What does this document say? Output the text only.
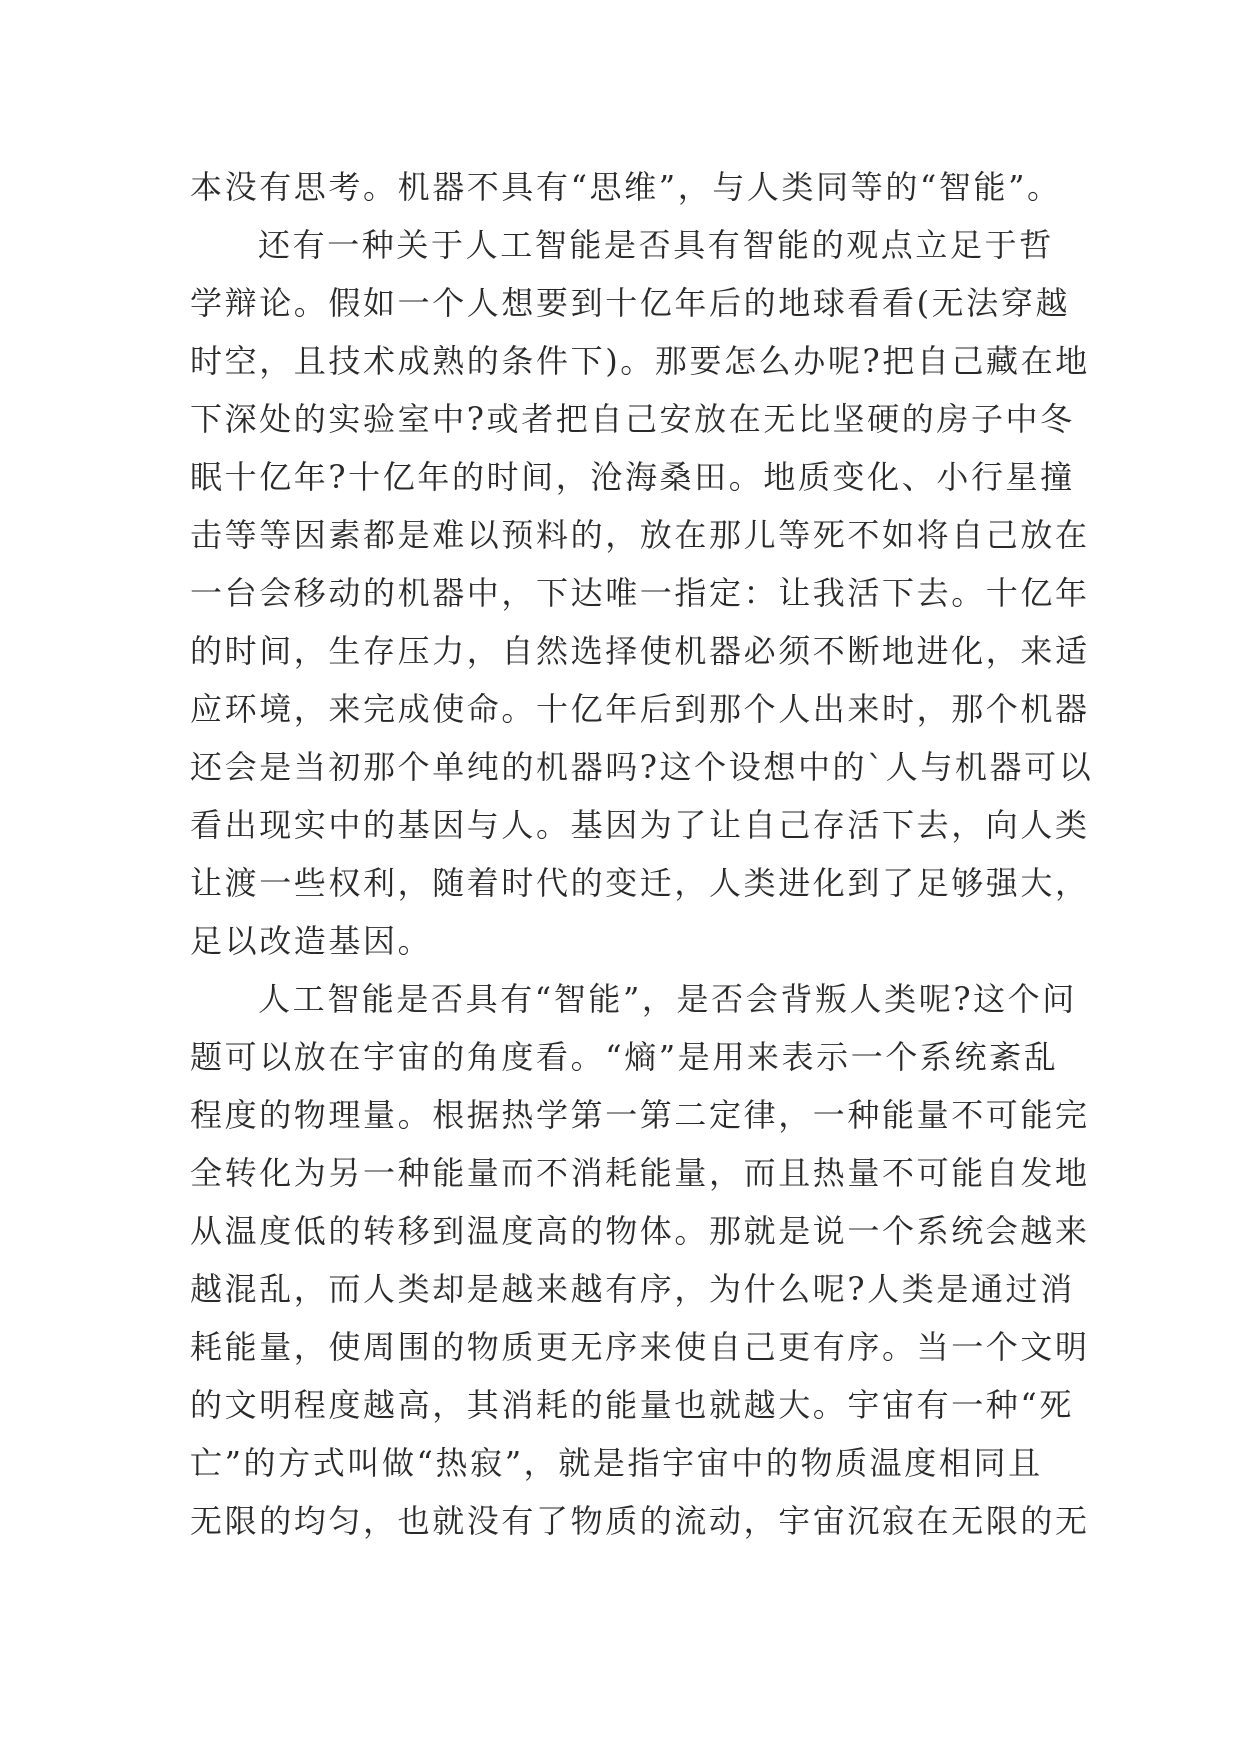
本没有思考。机器不具有“思维”，与人类同等的“智能”。
还有一种关于人工智能是否具有智能的观点立足于哲
学辩论。假如一个人想要到十亿年后的地球看看(无法穿越
时空，且技术成熟的条件下)。那要怎么办呢?把自己藏在地
下深处的实验室中?或者把自己安放在无比坚硬的房子中冬
眠十亿年?十亿年的时间，沧海桑田。地质变化、小行星撞
击等等因素都是难以预料的，放在那儿等死不如将自己放在
一台会移动的机器中，下达唯一指定：让我活下去。十亿年
的时间，生存压力，自然选择使机器必须不断地进化，来适
应环境，来完成使命。十亿年后到那个人出来时，那个机器
还会是当初那个单纯的机器吗?这个设想中的`人与机器可以
看出现实中的基因与人。基因为了让自己存活下去，向人类
让渡一些权利，随着时代的变迁，人类进化到了足够强大，
足以改造基因。
人工智能是否具有“智能”，是否会背叛人类呢?这个问
题可以放在宇宙的角度看。“熵”是用来表示一个系统紊乱
程度的物理量。根据热学第一第二定律，一种能量不可能完
全转化为另一种能量而不消耗能量，而且热量不可能自发地
从温度低的转移到温度高的物体。那就是说一个系统会越来
越混乱，而人类却是越来越有序，为什么呢?人类是通过消
耗能量，使周围的物质更无序来使自己更有序。当一个文明
的文明程度越高，其消耗的能量也就越大。宇宙有一种“死
亡”的方式叫做“热寂”，就是指宇宙中的物质温度相同且
无限的均匀，也就没有了物质的流动，宇宙沉寂在无限的无
